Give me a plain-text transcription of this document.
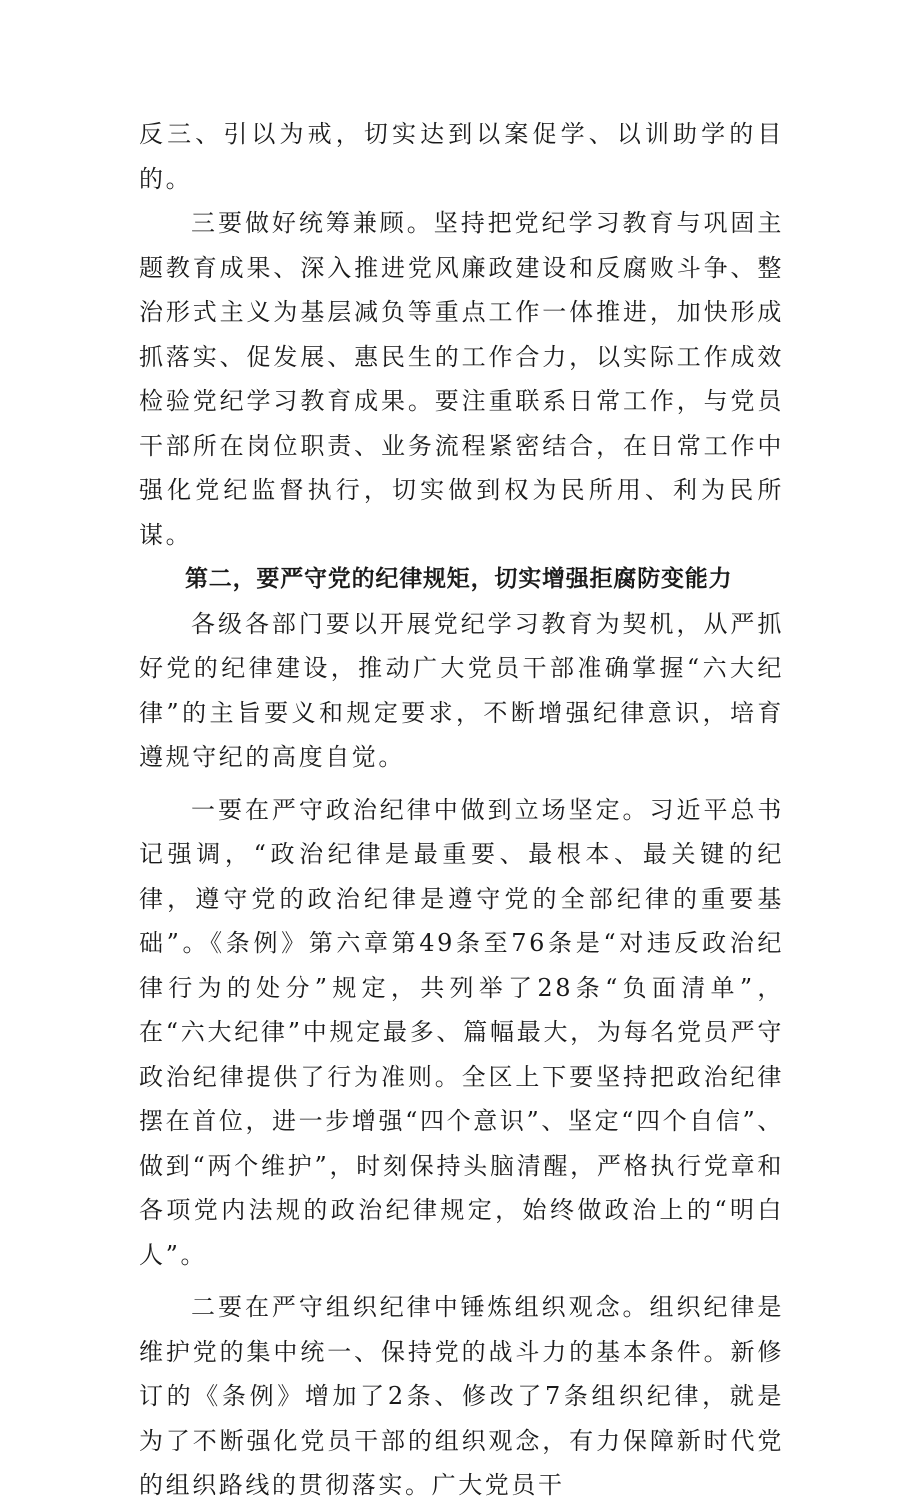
反三、引以为戒，切实达到以案促学、以训助学的目的。

三要做好统筹兼顾。坚持把党纪学习教育与巩固主题教育成果、深入推进党风廉政建设和反腐败斗争、整治形式主义为基层减负等重点工作一体推进，加快形成抓落实、促发展、惠民生的工作合力，以实际工作成效检验党纪学习教育成果。要注重联系日常工作，与党员干部所在岗位职责、业务流程紧密结合，在日常工作中强化党纪监督执行，切实做到权为民所用、利为民所谋。

第二，要严守党的纪律规矩，切实增强拒腐防变能力

各级各部门要以开展党纪学习教育为契机，从严抓好党的纪律建设，推动广大党员干部准确掌握“六大纪律”的主旨要义和规定要求，不断增强纪律意识，培育遵规守纪的高度自觉。

一要在严守政治纪律中做到立场坚定。习近平总书记强调，“政治纪律是最重要、最根本、最关键的纪律，遵守党的政治纪律是遵守党的全部纪律的重要基础”。《条例》第六章第49条至76条是“对违反政治纪律行为的处分”规定，共列举了28条“负面清单”，在“六大纪律”中规定最多、篇幅最大，为每名党员严守政治纪律提供了行为准则。全区上下要坚持把政治纪律摆在首位，进一步增强“四个意识”、坚定“四个自信”、做到“两个维护”，时刻保持头脑清醒，严格执行党章和各项党内法规的政治纪律规定，始终做政治上的“明白人”。

二要在严守组织纪律中锤炼组织观念。组织纪律是维护党的集中统一、保持党的战斗力的基本条件。新修订的《条例》增加了2条、修改了7条组织纪律，就是为了不断强化党员干部的组织观念，有力保障新时代党的组织路线的贯彻落实。广大党员干
